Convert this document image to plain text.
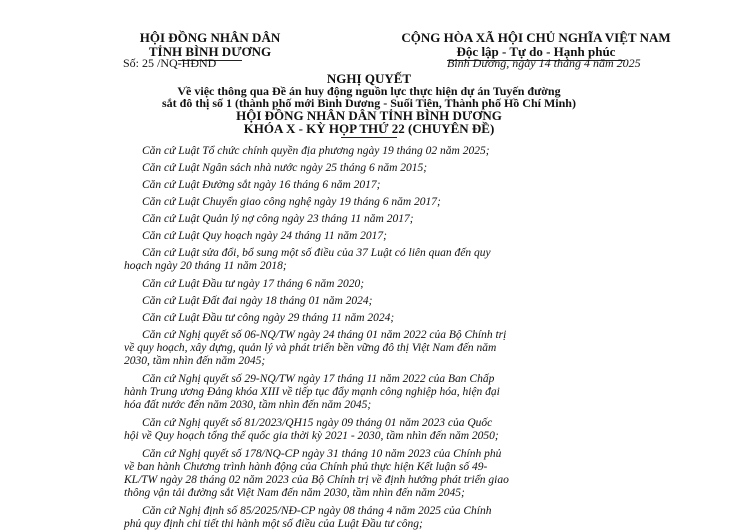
HỘI ĐỒNG NHÂN DÂN
TỈNH BÌNH DƯƠNG
CỘNG HÒA XÃ HỘI CHỦ NGHĨA VIỆT NAM
Độc lập - Tự do - Hạnh phúc
Số: 25 /NQ-HĐND	Bình Dương, ngày 14 tháng 4 năm 2025
NGHỊ QUYẾT
Về việc thông qua Đề án huy động nguồn lực thực hiện dự án Tuyến đường
sắt đô thị số 1 (thành phố mới Bình Dương - Suối Tiên, Thành phố Hồ Chí Minh)
HỘI ĐỒNG NHÂN DÂN TỈNH BÌNH DƯƠNG
KHÓA X - KỲ HỌP THỨ 22 (CHUYÊN ĐỀ)
Căn cứ Luật Tổ chức chính quyền địa phương ngày 19 tháng 02 năm 2025;
Căn cứ Luật Ngân sách nhà nước ngày 25 tháng 6 năm 2015;
Căn cứ Luật Đường sắt ngày 16 tháng 6 năm 2017;
Căn cứ Luật Chuyển giao công nghệ ngày 19 tháng 6 năm 2017;
Căn cứ Luật Quản lý nợ công ngày 23 tháng 11 năm 2017;
Căn cứ Luật Quy hoạch ngày 24 tháng 11 năm 2017;
Căn cứ Luật sửa đổi, bổ sung một số điều của 37 Luật có liên quan đến quy
hoạch ngày 20 tháng 11 năm 2018;
Căn cứ Luật Đầu tư ngày 17 tháng 6 năm 2020;
Căn cứ Luật Đất đai ngày 18 tháng 01 năm 2024;
Căn cứ Luật Đầu tư công ngày 29 tháng 11 năm 2024;
Căn cứ Nghị quyết số 06-NQ/TW ngày 24 tháng 01 năm 2022 của Bộ Chính trị
về quy hoạch, xây dựng, quản lý và phát triển bền vững đô thị Việt Nam đến năm
2030, tầm nhìn đến năm 2045;
Căn cứ Nghị quyết số 29-NQ/TW ngày 17 tháng 11 năm 2022 của Ban Chấp
hành Trung ương Đảng khóa XIII về tiếp tục đẩy mạnh công nghiệp hóa, hiện đại
hóa đất nước đến năm 2030, tầm nhìn đến năm 2045;
Căn cứ Nghị quyết số 81/2023/QH15 ngày 09 tháng 01 năm 2023 của Quốc
hội về Quy hoạch tổng thể quốc gia thời kỳ 2021 - 2030, tầm nhìn đến năm 2050;
Căn cứ Nghị quyết số 178/NQ-CP ngày 31 tháng 10 năm 2023 của Chính phủ
về ban hành Chương trình hành động của Chính phủ thực hiện Kết luận số 49-
KL/TW ngày 28 tháng 02 năm 2023 của Bộ Chính trị về định hướng phát triển giao
thông vận tải đường sắt Việt Nam đến năm 2030, tầm nhìn đến năm 2045;
Căn cứ Nghị định số 85/2025/NĐ-CP ngày 08 tháng 4 năm 2025 của Chính
phủ quy định chi tiết thi hành một số điều của Luật Đầu tư công;
